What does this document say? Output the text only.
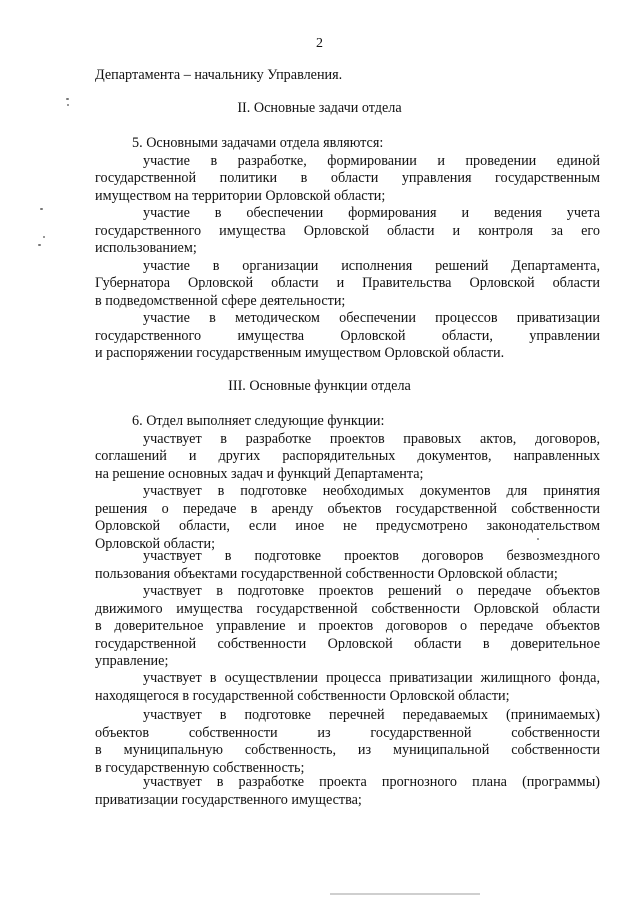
2
Департамента – начальнику Управления.
II. Основные задачи отдела
5. Основными задачами отдела являются:
участие в разработке, формировании и проведении единой
государственной политики в области управления государственным
имуществом на территории Орловской области;
участие в обеспечении формирования и ведения учета
государственного имущества Орловской области и контроля за его
использованием;
участие в организации исполнения решений Департамента,
Губернатора Орловской области и Правительства Орловской области
в подведомственной сфере деятельности;
участие в методическом обеспечении процессов приватизации
государственного имущества Орловской области, управлении
и распоряжении государственным имуществом Орловской области.
III. Основные функции отдела
6. Отдел выполняет следующие функции:
участвует в разработке проектов правовых актов, договоров,
соглашений и других распорядительных документов, направленных
на решение основных задач и функций Департамента;
участвует в подготовке необходимых документов для принятия
решения о передаче в аренду объектов государственной собственности
Орловской области, если иное не предусмотрено законодательством
Орловской области;
участвует в подготовке проектов договоров безвозмездного
пользования объектами государственной собственности Орловской области;
участвует в подготовке проектов решений о передаче объектов
движимого имущества государственной собственности Орловской области
в доверительное управление и проектов договоров о передаче объектов
государственной собственности Орловской области в доверительное
управление;
участвует в осуществлении процесса приватизации жилищного фонда,
находящегося в государственной собственности Орловской области;
участвует в подготовке перечней передаваемых (принимаемых)
объектов собственности из государственной собственности
в муниципальную собственность, из муниципальной собственности
в государственную собственность;
участвует в разработке проекта прогнозного плана (программы)
приватизации государственного имущества;
